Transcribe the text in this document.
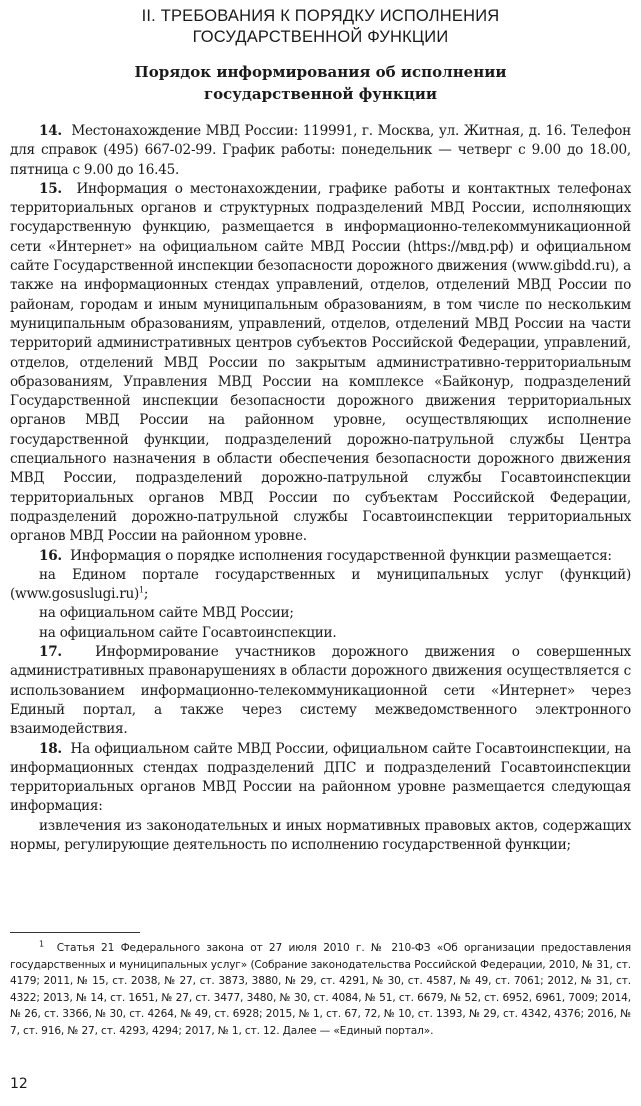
II. ТРЕБОВАНИЯ К ПОРЯДКУ ИСПОЛНЕНИЯ
ГОСУДАРСТВЕННОЙ ФУНКЦИИ
Порядок информирования об исполнении
государственной функции

14. Местонахождение МВД России: 119991, г. Москва, ул. Житная, д. 16. Телефон для справок (495) 667-02-99. График работы: понедельник — четверг с 9.00 до 18.00, пятница с 9.00 до 16.45.

15. Информация о местонахождении, графике работы и контактных телефонах территориальных органов и структурных подразделений МВД России, исполняющих государственную функцию, размещается в информационно-телекоммуникационной сети «Интернет» на официальном сайте МВД России (https://мвд.рф) и официальном сайте Государственной инспекции безопасности дорожного движения (www.gibdd.ru), а также на информационных стендах управлений, отделов, отделений МВД России по районам, городам и иным муниципальным образованиям, в том числе по нескольким муниципальным образованиям, управлений, отделов, отделений МВД России на части территорий административных центров субъектов Российской Федерации, управлений, отделов, отделений МВД России по закрытым административно-территориальным образованиям, Управления МВД России на комплексе «Байконур, подразделений Государственной инспекции безопасности дорожного движения территориальных органов МВД России на районном уровне, осуществляющих исполнение государственной функции, подразделений дорожно-патрульной службы Центра специального назначения в области обеспечения безопасности дорожного движения МВД России, подразделений дорожно-патрульной службы Госавтоинспекции территориальных органов МВД России по субъектам Российской Федерации, подразделений дорожно-патрульной службы Госавтоинспекции территориальных органов МВД России на районном уровне.

16. Информация о порядке исполнения государственной функции размещается:

на Едином портале государственных и муниципальных услуг (функций) (www.gosuslugi.ru)$^1$;

на официальном сайте МВД России;

на официальном сайте Госавтоинспекции.

17. Информирование участников дорожного движения о совершенных административных правонарушениях в области дорожного движения осуществляется с использованием информационно-телекоммуникационной сети «Интернет» через Единый портал, а также через систему межведомственного электронного взаимодействия.

18. На официальном сайте МВД России, официальном сайте Госавтоинспекции, на информационных стендах подразделений ДПС и подразделений Госавтоинспекции территориальных органов МВД России на районном уровне размещается следующая информация:

извлечения из законодательных и иных нормативных правовых актов, содержащих нормы, регулирующие деятельность по исполнению государственной функции;

$^1$ Статья 21 Федерального закона от 27 июля 2010 г. № 210-ФЗ «Об организации предоставления государственных и муниципальных услуг» (Собрание законодательства Российской Федерации, 2010, № 31, ст. 4179; 2011, № 15, ст. 2038, № 27, ст. 3873, 3880, № 29, ст. 4291, № 30, ст. 4587, № 49, ст. 7061; 2012, № 31, ст. 4322; 2013, № 14, ст. 1651, № 27, ст. 3477, 3480, № 30, ст. 4084, № 51, ст. 6679, № 52, ст. 6952, 6961, 7009; 2014, № 26, ст. 3366, № 30, ст. 4264, № 49, ст. 6928; 2015, № 1, ст. 67, 72, № 10, ст. 1393, № 29, ст. 4342, 4376; 2016, № 7, ст. 916, № 27, ст. 4293, 4294; 2017, № 1, ст. 12. Далее — «Единый портал».

12
